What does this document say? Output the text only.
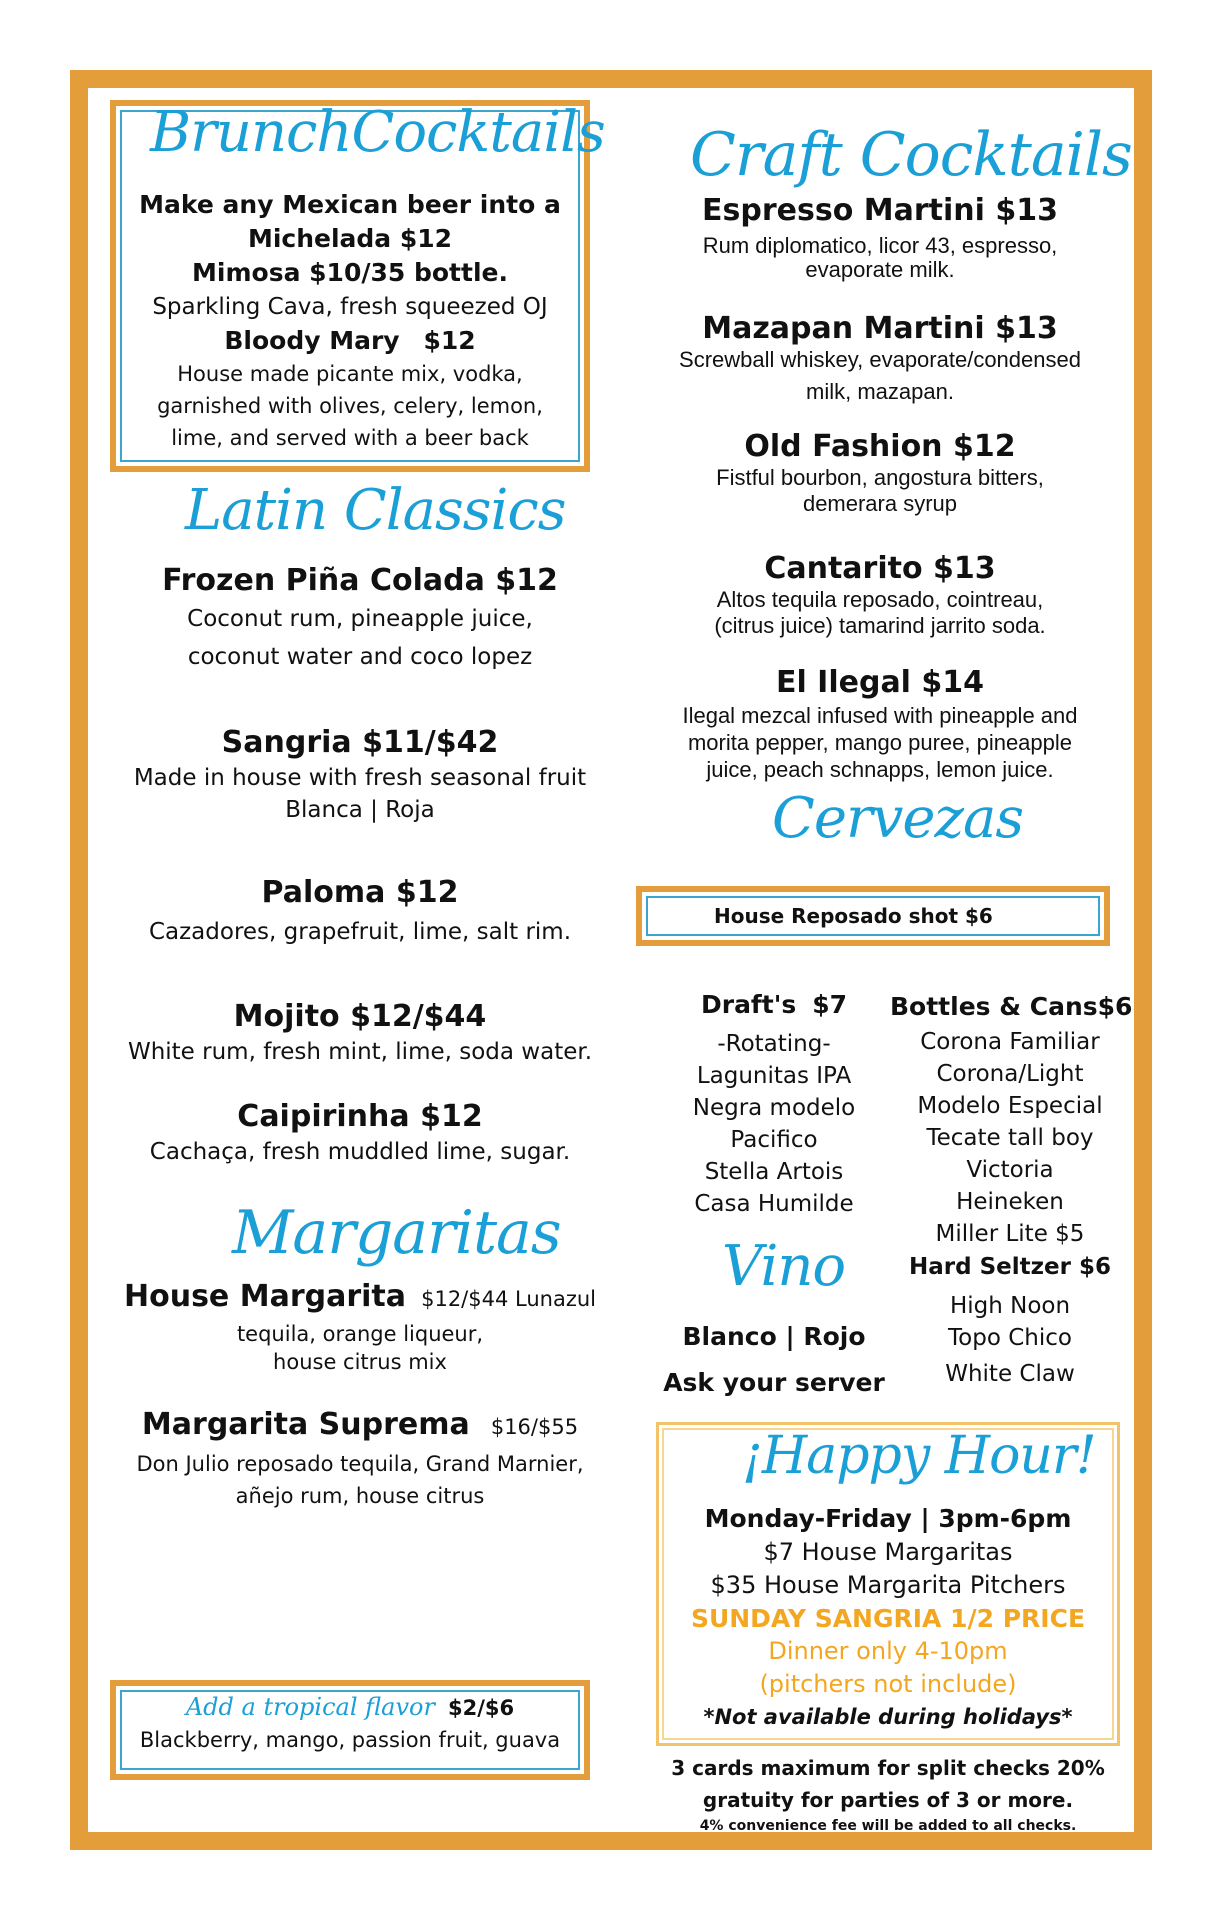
BrunchCocktails
Make any Mexican beer into a
Michelada $12
Mimosa $10/35 bottle.
Sparkling Cava, fresh squeezed OJ
Bloody Mary $12
House made picante mix, vodka,
garnished with olives, celery, lemon,
lime, and served with a beer back
Latin Classics
Frozen Piña Colada $12
Coconut rum, pineapple juice,
coconut water and coco lopez
Sangria $11/$42
Made in house with fresh seasonal fruit
Blanca | Roja
Paloma $12
Cazadores, grapefruit, lime, salt rim.
Mojito $12/$44
White rum, fresh mint, lime, soda water.
Caipirinha $12
Cachaça, fresh muddled lime, sugar.
Margaritas
House Margarita $12/$44 Lunazul
tequila, orange liqueur,
house citrus mix
Margarita Suprema $16/$55
Don Julio reposado tequila, Grand Marnier,
añejo rum, house citrus
Add a tropical flavor $2/$6
Blackberry, mango, passion fruit, guava
Craft Cocktails
Espresso Martini $13
Rum diplomatico, licor 43, espresso,
evaporate milk.
Mazapan Martini $13
Screwball whiskey, evaporate/condensed
milk, mazapan.
Old Fashion $12
Fistful bourbon, angostura bitters,
demerara syrup
Cantarito $13
Altos tequila reposado, cointreau,
(citrus juice) tamarind jarrito soda.
El Ilegal $14
Ilegal mezcal infused with pineapple and
morita pepper, mango puree, pineapple
juice, peach schnapps, lemon juice.
Cervezas
House Reposado shot $6
Draft's $7
-Rotating-
Lagunitas IPA
Negra modelo
Pacifico
Stella Artois
Casa Humilde
Bottles & Cans$6
Corona Familiar
Corona/Light
Modelo Especial
Tecate tall boy
Victoria
Heineken
Miller Lite $5
Hard Seltzer $6
High Noon
Topo Chico
White Claw
Vino
Blanco | Rojo
Ask your server
¡Happy Hour!
Monday-Friday | 3pm-6pm
$7 House Margaritas
$35 House Margarita Pitchers
SUNDAY SANGRIA 1/2 PRICE
Dinner only 4-10pm
(pitchers not include)
*Not available during holidays*
3 cards maximum for split checks 20%
gratuity for parties of 3 or more.
4% convenience fee will be added to all checks.
